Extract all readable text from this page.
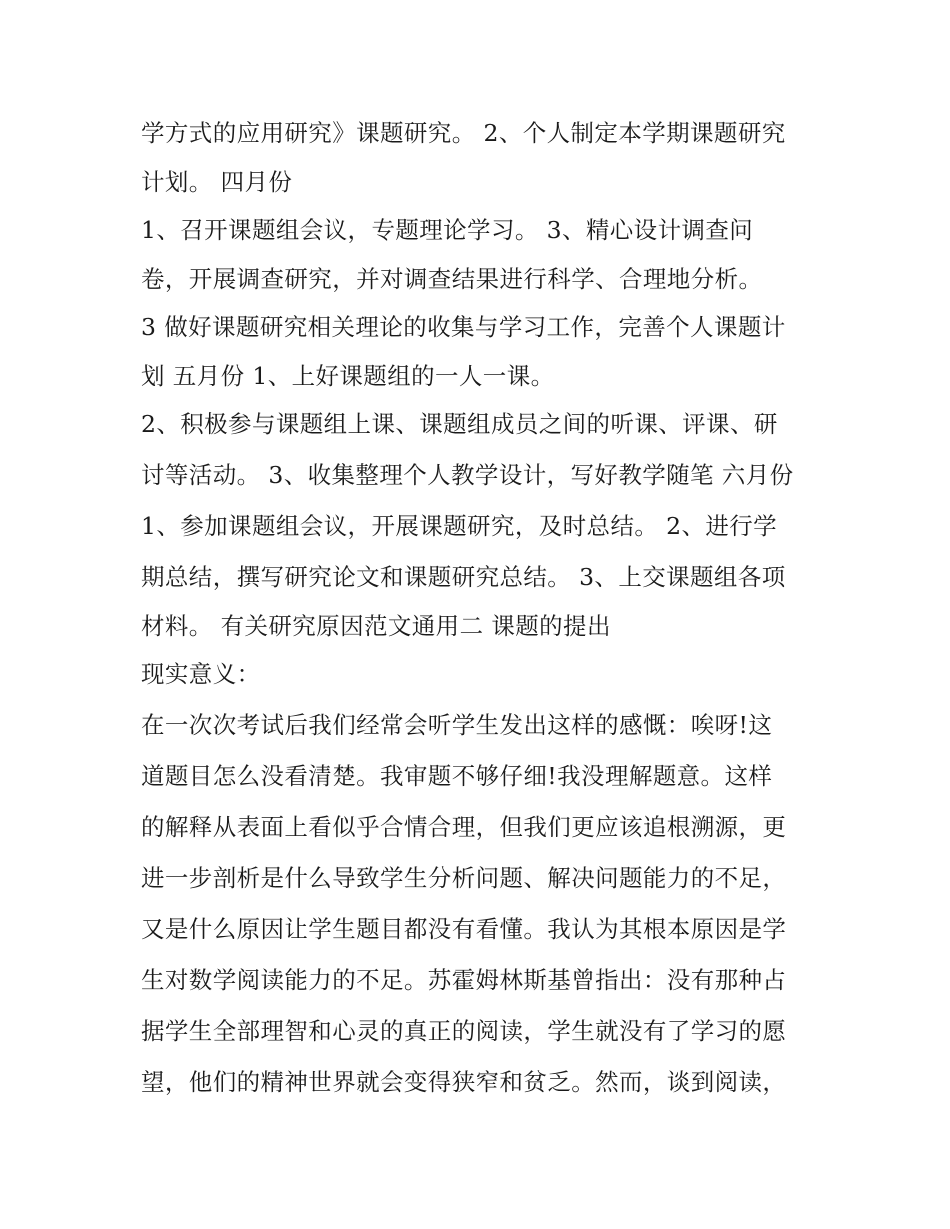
学方式的应用研究》课题研究。 2、个人制定本学期课题研究
计划。 四月份
1、召开课题组会议，专题理论学习。 3、精心设计调查问
卷，开展调查研究，并对调查结果进行科学、合理地分析。
3 做好课题研究相关理论的收集与学习工作，完善个人课题计
划 五月份 1、上好课题组的一人一课。
2、积极参与课题组上课、课题组成员之间的听课、评课、研
讨等活动。 3、收集整理个人教学设计，写好教学随笔 六月份
1、参加课题组会议，开展课题研究，及时总结。 2、进行学
期总结，撰写研究论文和课题研究总结。 3、上交课题组各项
材料。 有关研究原因范文通用二 课题的提出
现实意义：
在一次次考试后我们经常会听学生发出这样的感慨：唉呀!这
道题目怎么没看清楚。我审题不够仔细!我没理解题意。这样
的解释从表面上看似乎合情合理，但我们更应该追根溯源，更
进一步剖析是什么导致学生分析问题、解决问题能力的不足，
又是什么原因让学生题目都没有看懂。我认为其根本原因是学
生对数学阅读能力的不足。苏霍姆林斯基曾指出：没有那种占
据学生全部理智和心灵的真正的阅读，学生就没有了学习的愿
望，他们的精神世界就会变得狭窄和贫乏。然而，谈到阅读，
